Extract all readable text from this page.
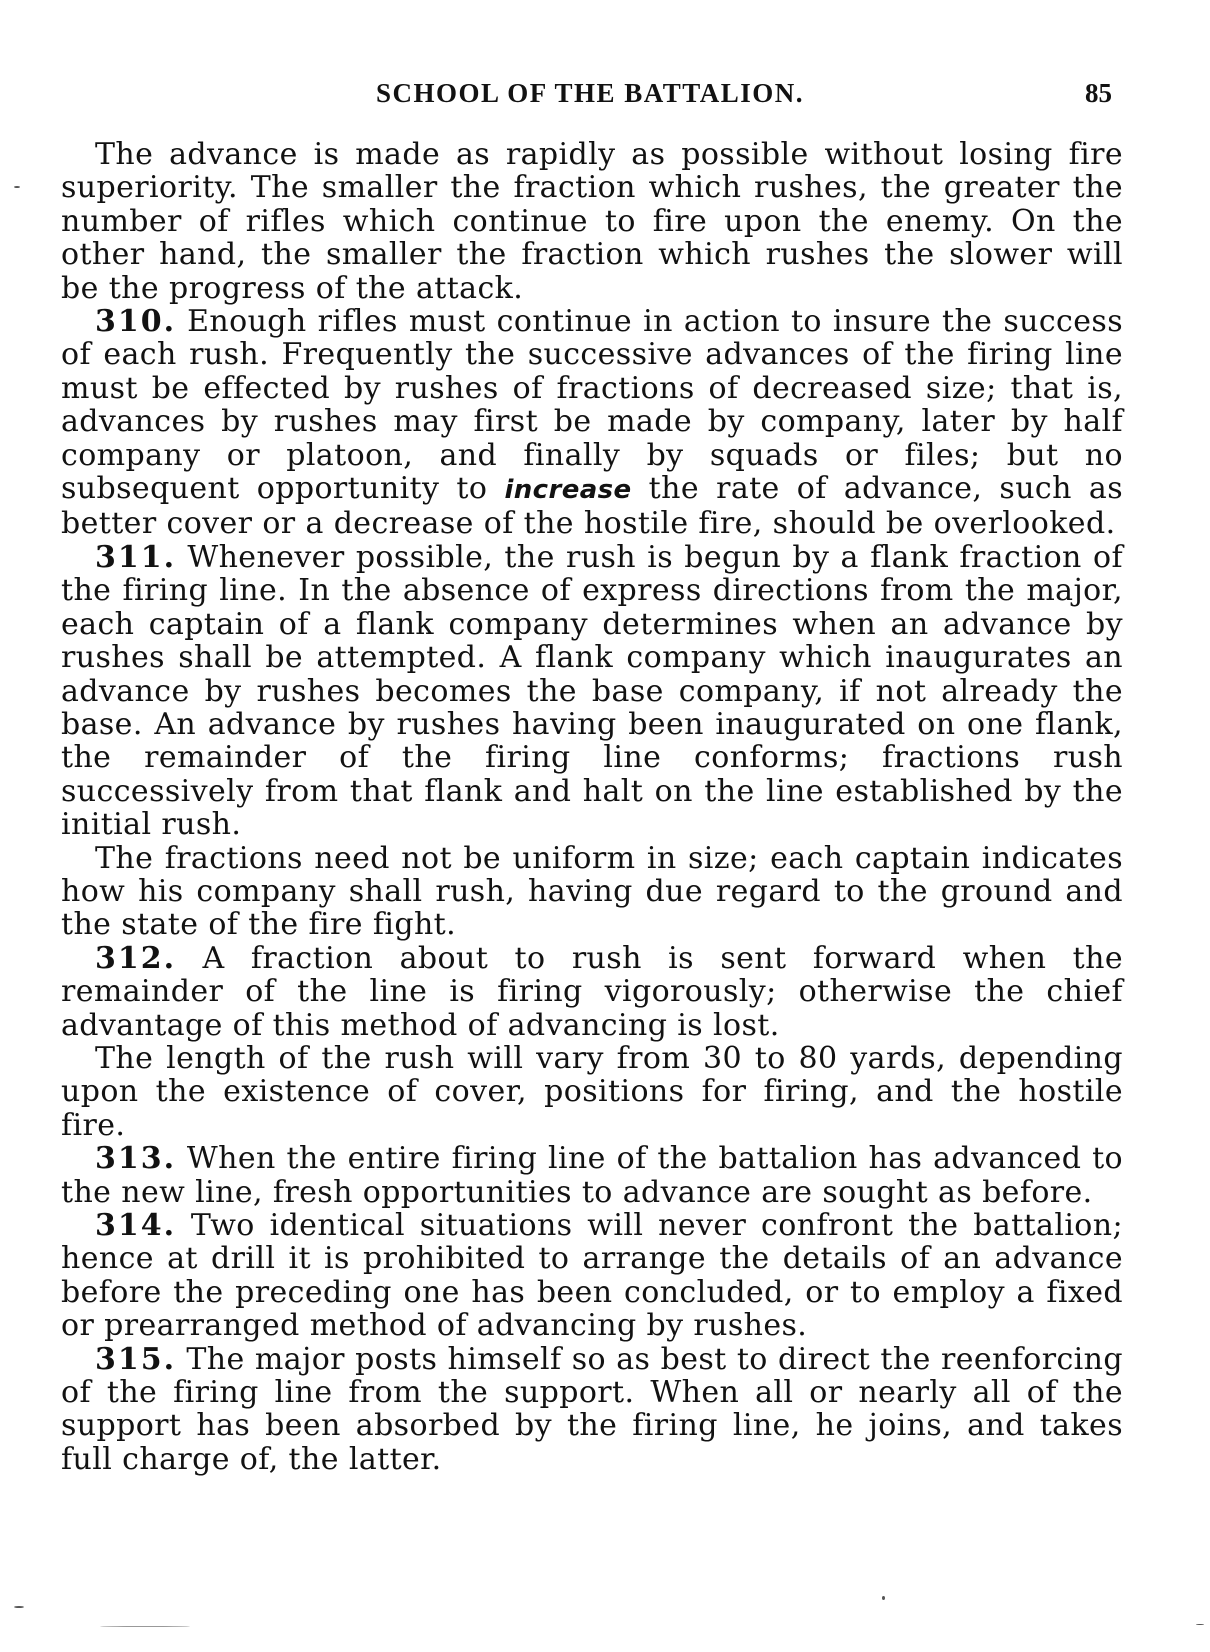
SCHOOL OF THE BATTALION.	85

The advance is made as rapidly as possible without losing fire superiority. The smaller the fraction which rushes, the greater the number of rifles which continue to fire upon the enemy. On the other hand, the smaller the fraction which rushes the slower will be the progress of the attack.

310. Enough rifles must continue in action to insure the success of each rush. Frequently the successive advances of the firing line must be effected by rushes of fractions of decreased size; that is, advances by rushes may first be made by company, later by half company or platoon, and finally by squads or files; but no subsequent opportunity to increase the rate of advance, such as better cover or a decrease of the hostile fire, should be overlooked.

311. Whenever possible, the rush is begun by a flank fraction of the firing line. In the absence of express directions from the major, each captain of a flank company determines when an advance by rushes shall be attempted. A flank company which inaugurates an advance by rushes becomes the base company, if not already the base. An advance by rushes having been inaugurated on one flank, the remainder of the firing line conforms; fractions rush successively from that flank and halt on the line established by the initial rush.

The fractions need not be uniform in size; each captain indicates how his company shall rush, having due regard to the ground and the state of the fire fight.

312. A fraction about to rush is sent forward when the remainder of the line is firing vigorously; otherwise the chief advantage of this method of advancing is lost.

The length of the rush will vary from 30 to 80 yards, depending upon the existence of cover, positions for firing, and the hostile fire.

313. When the entire firing line of the battalion has advanced to the new line, fresh opportunities to advance are sought as before.

314. Two identical situations will never confront the battalion; hence at drill it is prohibited to arrange the details of an advance before the preceding one has been concluded, or to employ a fixed or prearranged method of advancing by rushes.

315. The major posts himself so as best to direct the reenforcing of the firing line from the support. When all or nearly all of the support has been absorbed by the firing line, he joins, and takes full charge of, the latter.
